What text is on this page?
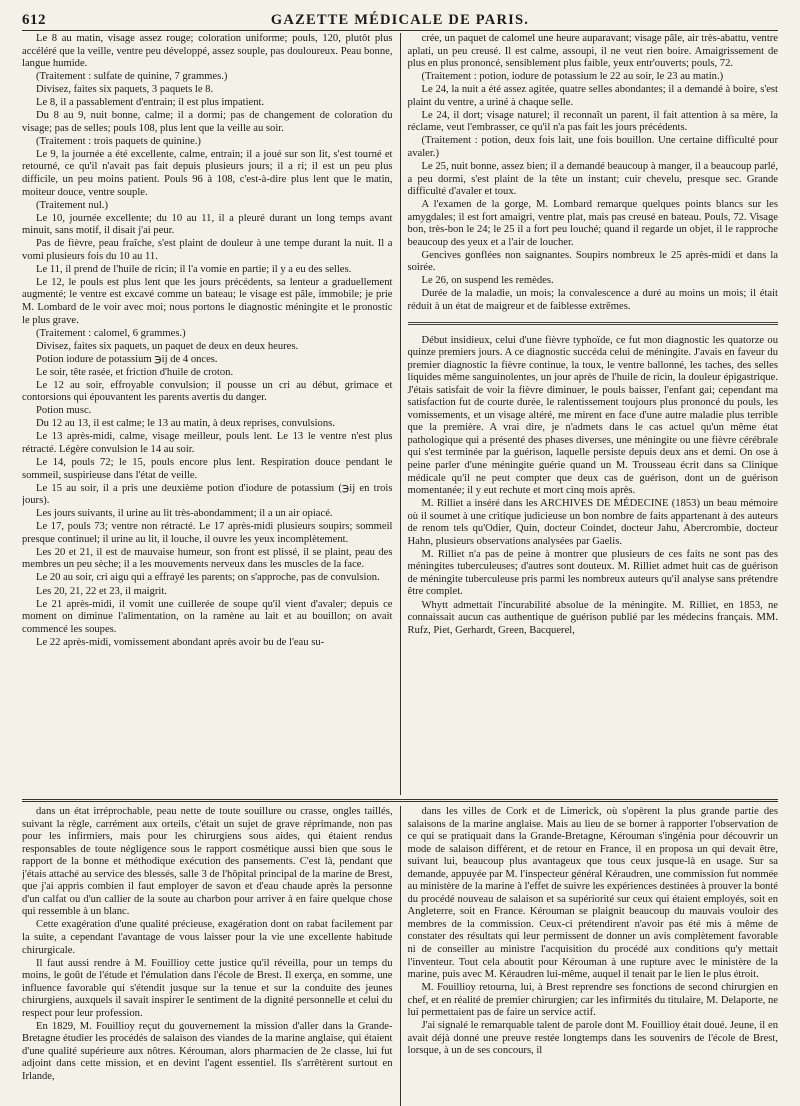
612	GAZETTE MÉDICALE DE PARIS.

Le 8 au matin, visage assez rouge; coloration uniforme; pouls, 120, plutôt plus accéléré que la veille, ventre peu développé, assez souple, pas douloureux. Peau bonne, langue humide.

(Traitement : sulfate de quinine, 7 grammes.)

Divisez, faites six paquets, 3 paquets le 8.

Le 8, il a passablement d'entrain; il est plus impatient.

Du 8 au 9, nuit bonne, calme; il a dormi; pas de changement de coloration du visage; pas de selles; pouls 108, plus lent que la veille au soir.

(Traitement : trois paquets de quinine.)

Le 9, la journée a été excellente, calme, entrain; il a joué sur son lit, s'est tourné et retourné, ce qu'il n'avait pas fait depuis plusieurs jours; il a ri; il est un peu plus difficile, un peu moins patient. Pouls 96 à 108, c'est-à-dire plus lent que le matin, moiteur douce, ventre souple.

(Traitement nul.)

Le 10, journée excellente; du 10 au 11, il a pleuré durant un long temps avant minuit, sans motif, il disait j'ai peur.

Pas de fièvre, peau fraîche, s'est plaint de douleur à une tempe durant la nuit. Il a vomi plusieurs fois du 10 au 11.

Le 11, il prend de l'huile de ricin; il l'a vomie en partie; il y a eu des selles.

Le 12, le pouls est plus lent que les jours précédents, sa lenteur a graduellement augmenté; le ventre est excavé comme un bateau; le visage est pâle, immobile; je prie M. Lombard de le voir avec moi; nous portons le diagnostic méningite et le pronostic le plus grave.

(Traitement : calomel, 6 grammes.)

Divisez, faites six paquets, un paquet de deux en deux heures.

Potion iodure de potassium ℈ij de 4 onces.

Le soir, tête rasée, et friction d'huile de croton.

Le 12 au soir, effroyable convulsion; il pousse un cri au début, grimace et contorsions qui épouvantent les parents avertis du danger.

Potion musc.

Du 12 au 13, il est calme; le 13 au matin, à deux reprises, convulsions.

Le 13 après-midi, calme, visage meilleur, pouls lent. Le 13 le ventre n'est plus rétracté. Légère convulsion le 14 au soir.

Le 14, pouls 72; le 15, pouls encore plus lent. Respiration douce pendant le sommeil, suspirieuse dans l'état de veille.

Le 15 au soir, il a pris une deuxième potion d'iodure de potassium (℈ij en trois jours).

Les jours suivants, il urine au lit très-abondamment; il a un air opiacé.

Le 17, pouls 73; ventre non rétracté. Le 17 après-midi plusieurs soupirs; sommeil presque continuel; il urine au lit, il louche, il ouvre les yeux incomplètement.

Les 20 et 21, il est de mauvaise humeur, son front est plissé, il se plaint, peau des membres un peu sèche; il a les mouvements nerveux dans les muscles de la face.

Le 20 au soir, cri aigu qui a effrayé les parents; on s'approche, pas de convulsion.

Les 20, 21, 22 et 23, il maigrit.

Le 21 après-midi, il vomit une cuillerée de soupe qu'il vient d'avaler; depuis ce moment on diminue l'alimentation, on la ramène au lait et au bouillon; on avait commencé les soupes.

Le 22 après-midi, vomissement abondant après avoir bu de l'eau su-

crée, un paquet de calomel une heure auparavant; visage pâle, air très-abattu, ventre aplati, un peu creusé. Il est calme, assoupi, il ne veut rien boire. Amaigrissement de plus en plus prononcé, sensiblement plus faible, yeux entr'ouverts; pouls, 72.

(Traitement : potion, iodure de potassium le 22 au soir, le 23 au matin.)

Le 24, la nuit a été assez agitée, quatre selles abondantes; il a demandé à boire, s'est plaint du ventre, a uriné à chaque selle.

Le 24, il dort; visage naturel; il reconnaît un parent, il fait attention à sa mère, la réclame, veut l'embrasser, ce qu'il n'a pas fait les jours précédents.

(Traitement : potion, deux fois lait, une fois bouillon. Une certaine difficulté pour avaler.)

Le 25, nuit bonne, assez bien; il a demandé beaucoup à manger, il a beaucoup parlé, a peu dormi, s'est plaint de la tête un instant; cuir chevelu, presque sec. Grande difficulté d'avaler et toux.

A l'examen de la gorge, M. Lombard remarque quelques points blancs sur les amygdales; il est fort amaigri, ventre plat, mais pas creusé en bateau. Pouls, 72. Visage bon, très-bon le 24; le 25 il a fort peu louché; quand il regarde un objet, il le rapproche beaucoup des yeux et a l'air de loucher.

Gencives gonflées non saignantes. Soupirs nombreux le 25 après-midi et dans la soirée.

Le 26, on suspend les remèdes.

Durée de la maladie, un mois; la convalescence a duré au moins un mois; il était réduit à un état de maigreur et de faiblesse extrêmes.

Début insidieux, celui d'une fièvre typhoïde, ce fut mon diagnostic les quatorze ou quinze premiers jours. A ce diagnostic succéda celui de méningite. J'avais en faveur du premier diagnostic la fièvre continue, la toux, le ventre ballonné, les taches, des selles liquides même sanguinolentes, un jour après de l'huile de ricin, la douleur épigastrique. J'étais satisfait de voir la fièvre diminuer, le pouls baisser, l'enfant gai; cependant ma satisfaction fut de courte durée, le ralentissement toujours plus prononcé du pouls, les vomissements, et un visage altéré, me mirent en face d'une autre maladie plus terrible que la première. A vrai dire, je n'admets dans le cas actuel qu'un même état pathologique qui a présenté des phases diverses, une méningite ou une fièvre cérébrale qui s'est terminée par la guérison, laquelle persiste depuis deux ans et demi. On ose à peine parler d'une méningite guérie quand un M. Trousseau écrit dans sa Clinique médicale qu'il ne peut compter que deux cas de guérison, dont un de guérison momentanée; il y eut rechute et mort cinq mois après.

M. Rilliet a inséré dans les ARCHIVES DE MÉDECINE (1853) un beau mémoire où il soumet à une critique judicieuse un bon nombre de faits appartenant à des auteurs de renom tels qu'Odier, Quin, docteur Coindet, docteur Jahu, Abercrombie, docteur Hahn, plusieurs observations analysées par Gaelis.

M. Rilliet n'a pas de peine à montrer que plusieurs de ces faits ne sont pas des méningites tuberculeuses; d'autres sont douteux. M. Rilliet admet huit cas de guérison de méningite tuberculeuse pris parmi les nombreux auteurs qu'il analyse sans prétendre être complet.

Whytt admettait l'incurabilité absolue de la méningite. M. Rilliet, en 1853, ne connaissait aucun cas authentique de guérison publié par les médecins français. MM. Rufz, Piet, Gerhardt, Green, Bacquerel,

dans un état irréprochable, peau nette de toute souillure ou crasse, ongles taillés, suivant la règle, carrément aux orteils, c'était un sujet de grave réprimande, non pas pour les infirmiers, mais pour les chirurgiens sous aides, qui étaient rendus responsables de toute négligence sous le rapport cosmétique aussi bien que sous le rapport de la bonne et méthodique exécution des pansements. C'est là, pendant que j'étais attaché au service des blessés, salle 3 de l'hôpital principal de la marine de Brest, que j'ai appris combien il faut employer de savon et d'eau chaude après la personne d'un calfat ou d'un callier de la soute au charbon pour arriver à en faire quelque chose qui ressemble à un blanc.

Cette exagération d'une qualité précieuse, exagération dont on rabat facilement par la suite, a cependant l'avantage de vous laisser pour la vie une excellente habitude chirurgicale.

Il faut aussi rendre à M. Fouillioy cette justice qu'il réveilla, pour un temps du moins, le goût de l'étude et l'émulation dans l'école de Brest. Il exerça, en somme, une influence favorable qui s'étendit jusque sur la tenue et sur la conduite des jeunes chirurgiens, auxquels il savait inspirer le sentiment de la dignité personnelle et celui du respect pour leur profession.

En 1829, M. Fouillioy reçut du gouvernement la mission d'aller dans la Grande-Bretagne étudier les procédés de salaison des viandes de la marine anglaise, qui étaient d'une qualité supérieure aux nôtres. Kérouman, alors pharmacien de 2e classe, lui fut adjoint dans cette mission, et en devint l'agent essentiel. Ils s'arrêtèrent surtout en Irlande,

dans les villes de Cork et de Limerick, où s'opèrent la plus grande partie des salaisons de la marine anglaise. Mais au lieu de se borner à rapporter l'observation de ce qui se pratiquait dans la Grande-Bretagne, Kérouman s'ingénia pour découvrir un mode de salaison différent, et de retour en France, il en proposa un qui devait être, suivant lui, beaucoup plus avantageux que tous ceux jusque-là en usage. Sur sa demande, appuyée par M. l'inspecteur général Kéraudren, une commission fut nommée au ministère de la marine à l'effet de suivre les expériences destinées à prouver la bonté du procédé nouveau de salaison et sa supériorité sur ceux qui étaient employés, soit en Angleterre, soit en France. Kérouman se plaignit beaucoup du mauvais vouloir des membres de la commission. Ceux-ci prétendirent n'avoir pas été mis à même de constater des résultats qui leur permissent de donner un avis complètement favorable ni de conseiller au ministre l'acquisition du procédé aux conditions qu'y mettait l'inventeur. Tout cela aboutit pour Kérouman à une rupture avec le ministère de la marine, puis avec M. Kéraudren lui-même, auquel il tenait par le lien le plus étroit.

M. Fouillioy retourna, lui, à Brest reprendre ses fonctions de second chirurgien en chef, et en réalité de premier chirurgien; car les infirmités du titulaire, M. Delaporte, ne lui permettaient pas de faire un service actif.

J'ai signalé le remarquable talent de parole dont M. Fouillioy était doué. Jeune, il en avait déjà donné une preuve restée longtemps dans les souvenirs de l'école de Brest, lorsque, à un de ses concours, il
